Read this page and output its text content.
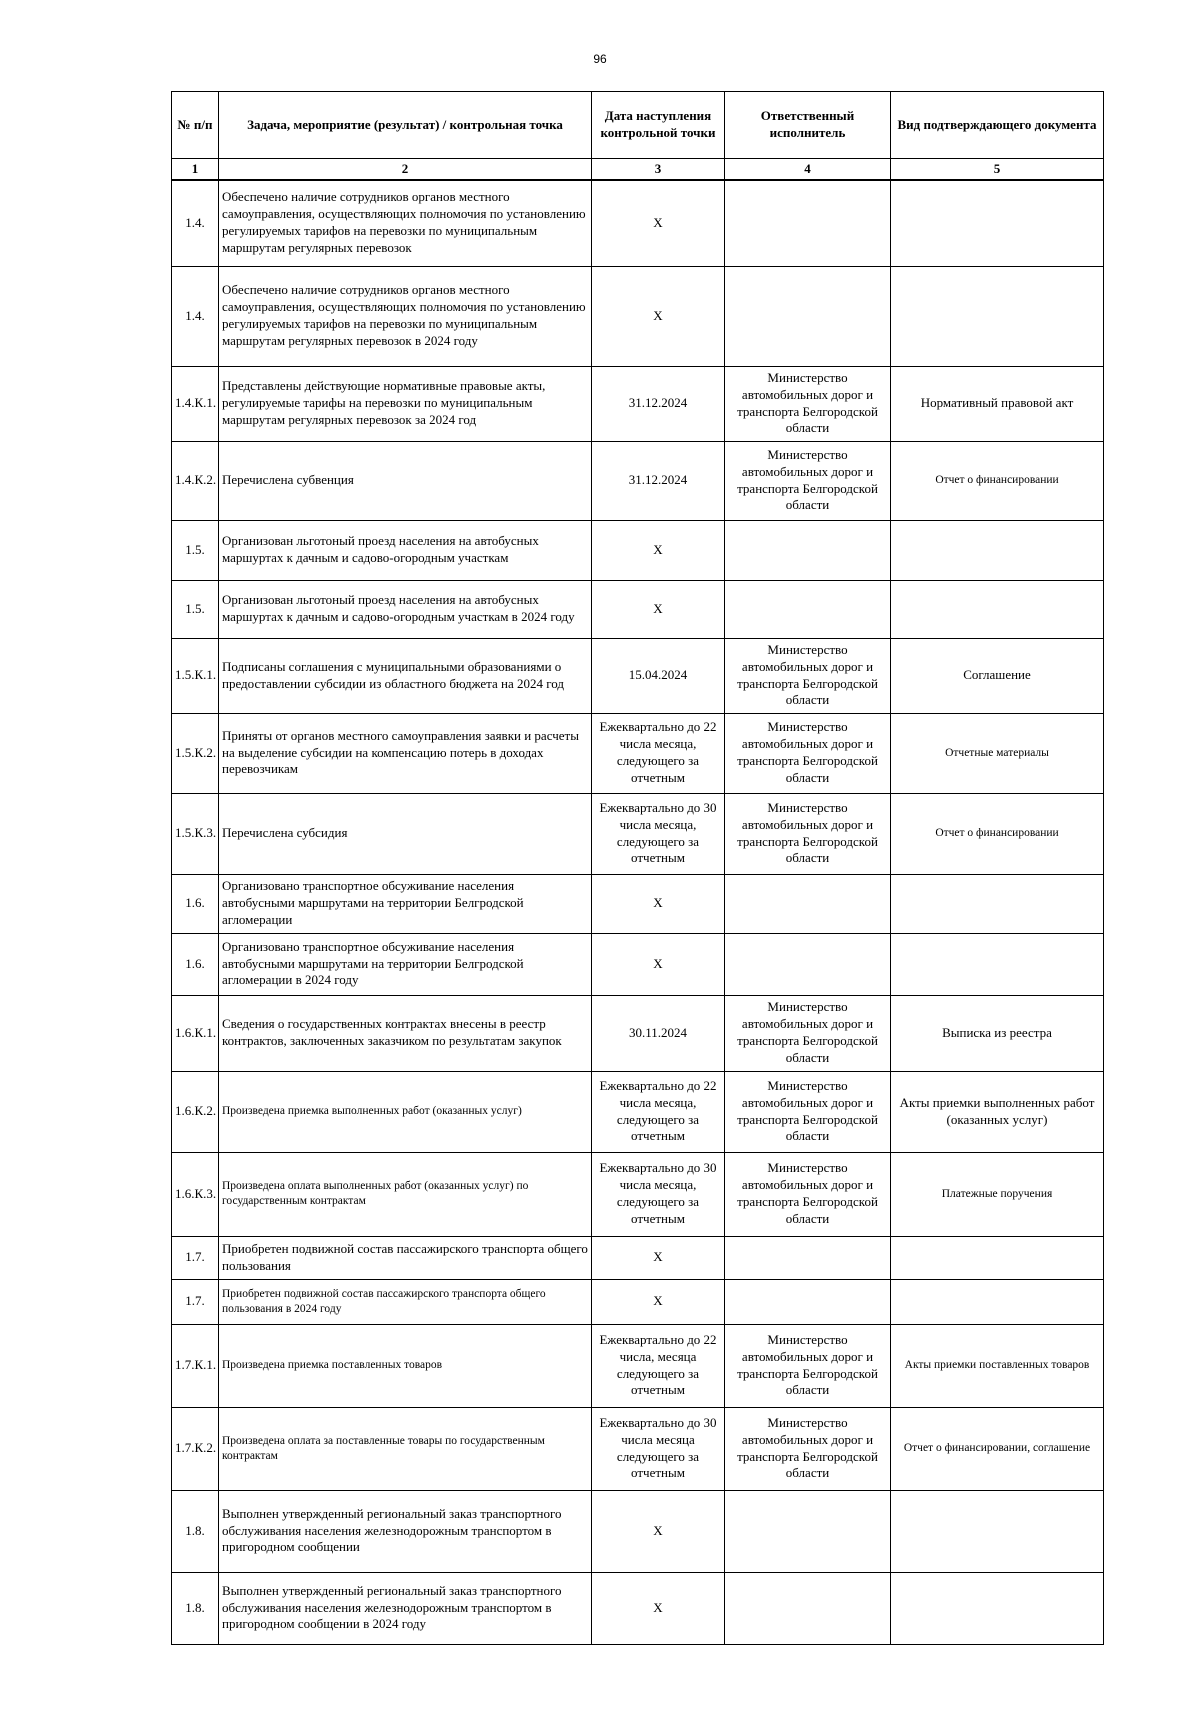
96
№ п/п	Задача, мероприятие (результат) / контрольная точка	Дата наступления контрольной точки	Ответственный исполнитель	Вид подтверждающего документа
1	2	3	4	5
1.4.	Обеспечено наличие сотрудников органов местного самоуправления, осуществляющих полномочия по установлению регулируемых тарифов на перевозки по муниципальным маршрутам регулярных перевозок	X		
1.4.	Обеспечено наличие сотрудников органов местного самоуправления, осуществляющих полномочия по установлению регулируемых тарифов на перевозки по муниципальным маршрутам регулярных перевозок в 2024 году	X		
1.4.К.1.	Представлены действующие нормативные правовые акты, регулируемые тарифы на перевозки по муниципальным маршрутам регулярных перевозок за 2024 год	31.12.2024	Министерство автомобильных дорог и транспорта Белгородской области	Нормативный правовой акт
1.4.К.2.	Перечислена субвенция	31.12.2024	Министерство автомобильных дорог и транспорта Белгородской области	Отчет о финансировании
1.5.	Организован льготоный проезд населения на автобусных маршуртах к дачным и садово-огородным участкам	X		
1.5.	Организован льготоный проезд населения на автобусных маршуртах к дачным и садово-огородным участкам в 2024 году	X		
1.5.К.1.	Подписаны соглашения с муниципальными образованиями о предоставлении субсидии из областного бюджета на 2024 год	15.04.2024	Министерство автомобильных дорог и транспорта Белгородской области	Соглашение
1.5.К.2.	Приняты от органов местного самоуправления заявки и расчеты на выделение субсидии на компенсацию потерь в доходах перевозчикам	Ежеквартально до 22 числа месяца, следующего за отчетным	Министерство автомобильных дорог и транспорта Белгородской области	Отчетные материалы
1.5.К.3.	Перечислена субсидия	Ежеквартально до 30 числа месяца, следующего за отчетным	Министерство автомобильных дорог и транспорта Белгородской области	Отчет о финансировании
1.6.	Организовано транспортное обсуживание населения автобусными маршрутами на территории Белгродской агломерации	X		
1.6.	Организовано транспортное обсуживание населения автобусными маршрутами на территории Белгродской агломерации в 2024 году	X		
1.6.К.1.	Сведения о государственных контрактах внесены в реестр контрактов, заключенных заказчиком по результатам закупок	30.11.2024	Министерство автомобильных дорог и транспорта Белгородской области	Выписка из реестра
1.6.К.2.	Произведена приемка выполненных работ (оказанных услуг)	Ежеквартально до 22 числа месяца, следующего за отчетным	Министерство автомобильных дорог и транспорта Белгородской области	Акты приемки выполненных работ (оказанных услуг)
1.6.К.3.	Произведена оплата выполненных работ (оказанных услуг) по государственным контрактам	Ежеквартально до 30 числа месяца, следующего за отчетным	Министерство автомобильных дорог и транспорта Белгородской области	Платежные поручения
1.7.	Приобретен подвижной состав пассажирского транспорта общего пользования	X		
1.7.	Приобретен подвижной состав пассажирского транспорта общего пользования в 2024 году	X		
1.7.К.1.	Произведена приемка поставленных товаров	Ежеквартально до 22 числа, месяца следующего за отчетным	Министерство автомобильных дорог и транспорта Белгородской области	Акты приемки поставленных товаров
1.7.К.2.	Произведена оплата за поставленные товары по государственным контрактам	Ежеквартально до 30 числа месяца следующего за отчетным	Министерство автомобильных дорог и транспорта Белгородской области	Отчет о финансировании, соглашение
1.8.	Выполнен утвержденный региональный заказ транспортного обслуживания населения железнодорожным транспортом в пригородном сообщении	X		
1.8.	Выполнен утвержденный региональный заказ транспортного обслуживания населения железнодорожным транспортом в пригородном сообщении в 2024 году	X		
